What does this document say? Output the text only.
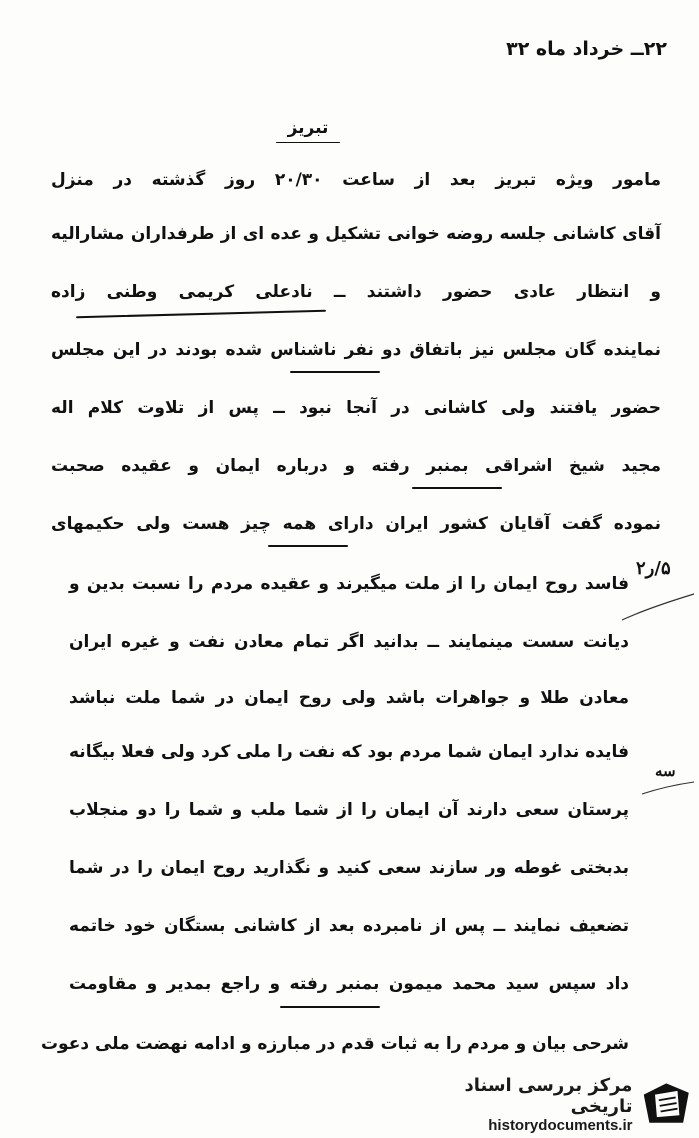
۲۲ــ خرداد ماه ۳۲
تبریز
مامور ویژه تبریز بعد از ساعت ۲۰/۳۰ روز گذشته در منزل
آقای کاشانی جلسه روضه خوانی تشکیل و عده ای از طرفداران مشارالیه
و انتظار عادی حضور داشتند ــ نادعلی کریمی وطنی زاده
نماینده گان مجلس نیز باتفاق دو نفر ناشناس شده بودند در این مجلس
حضور یافتند ولی کاشانی در آنجا نبود ــ پس از تلاوت کلام اله
مجید شیخ اشراقی بمنبر رفته و درباره ایمان و عقیده صحبت
نموده گفت آقایان کشور ایران دارای همه چیز هست ولی حکیمهای
فاسد روح ایمان را از ملت میگیرند و عقیده مردم را نسبت بدین و
دیانت سست مینمایند ــ بدانید اگر تمام معادن نفت و غیره ایران
معادن طلا و جواهرات باشد ولی روح ایمان در شما ملت نباشد
فایده ندارد ایمان شما مردم بود که نفت را ملی کرد ولی فعلا بیگانه
پرستان سعی دارند آن ایمان را از شما ملب و شما را دو منجلاب
بدبختی غوطه ور سازند سعی کنید و نگذارید روح ایمان را در شما
تضعیف نمایند ــ پس از نامبرده بعد از کاشانی بستگان خود خاتمه
داد سپس سید محمد میمون بمنبر رفته و راجع بمدیر و مقاومت
شرحی بیان و مردم را به ثبات قدم در مبارزه و ادامه نهضت ملی دعوت
۵/ر۲
سه
مرکز بررسی اسناد تاریخی
historydocuments.ir
